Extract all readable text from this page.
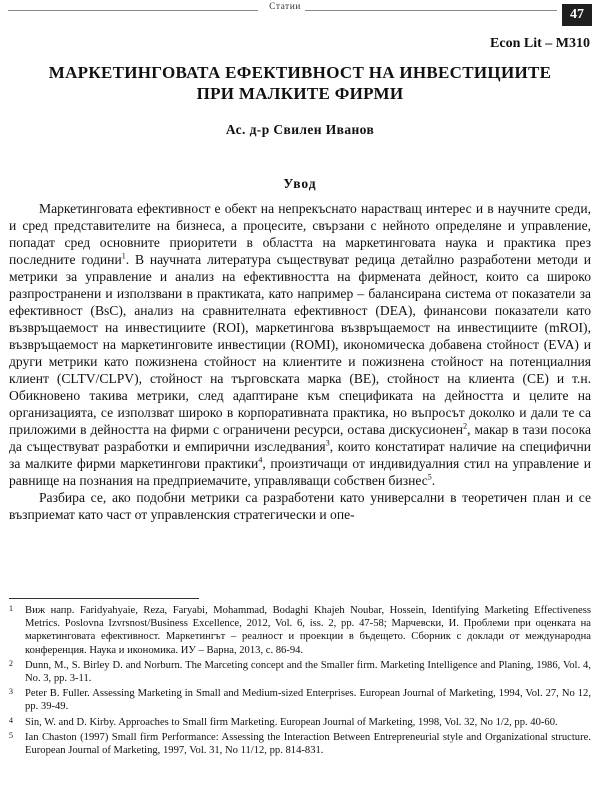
Статии	47
Econ Lit – M310
МАРКЕТИНГОВАТА ЕФЕКТИВНОСТ НА ИНВЕСТИЦИИТЕ
ПРИ МАЛКИТЕ ФИРМИ
Ас. д-р Свилен Иванов
Увод

Маркетинговата ефективност е обект на непрекъснато нарастващ интерес и в научните среди, и сред представителите на бизнеса, а процесите, свързани с нейното определяне и управление, попадат сред основните приоритети в областта на маркетинговата наука и практика през последните години$^1$. В научната литература съществуват редица детайлно разработени методи и метрики за управление и анализ на ефективността на фирмената дейност, които са широко разпространени и използвани в практиката, като например – балансирана система от показатели за ефективност (BsC), анализ на сравнителната ефективност (DEA), финансови показатели като възвръщаемост на инвестициите (ROI), маркетингова възвръщаемост на инвестициите (mROI), възвръщаемост на маркетинговите инвестиции (ROMI), икономическа добавена стойност (EVA) и други метрики като пожизнена стойност на клиентите и пожизнена стойност на потенциалния клиент (CLTV/CLPV), стойност на търговската марка (BE), стойност на клиента (CE) и т.н. Обикновено такива метрики, след адаптиране към спецификата на дейността и целите на организацията, се използват широко в корпоративната практика, но въпросът доколко и дали те са приложими в дейността на фирми с ограничени ресурси, остава дискусионен$^2$, макар в тази посока да съществуват разработки и емпирични изследвания$^3$, които констатират наличие на специфични за малките фирми маркетингови практики$^4$, произтичащи от индивидуалния стил на управление и равнище на познания на предприемачите, управляващи собствен бизнес$^5$.

Разбира се, ако подобни метрики са разработени като универсални в теоретичен план и се възприемат като част от управленския стратегически и опе-

1 Виж напр. Faridyahyaie, Reza, Faryabi, Mohammad, Bodaghi Khajeh Noubar, Hossein, Identifying Marketing Effectiveness Metrics. Poslovna Izvrsnost/Business Excellence, 2012, Vol. 6, iss. 2, pp. 47-58; Марчевски, И. Проблеми при оценката на маркетинговата ефективност. Маркетингът – реалност и проекции в бъдещето. Сборник с доклади от международна конференция. Наука и икономика. ИУ – Варна, 2013, с. 86-94.
2 Dunn, M., S. Birley D. and Norburn. The Marceting concept and the Smaller firm. Marketing Intelligence and Planing, 1986, Vol. 4, No. 3, pp. 3-11.
3 Peter B. Fuller. Assessing Marketing in Small and Medium-sized Enterprises. European Journal of Marketing, 1994, Vol. 27, No 12, pp. 39-49.
4 Sin, W. and D. Kirby. Approaches to Small firm Marketing. European Journal of Marketing, 1998, Vol. 32, No 1/2, pp. 40-60.
5 Ian Chaston (1997) Small firm Performance: Assessing the Interaction Between Entrepreneurial style and Organizational structure. European Journal of Marketing, 1997, Vol. 31, No 11/12, pp. 814-831.
